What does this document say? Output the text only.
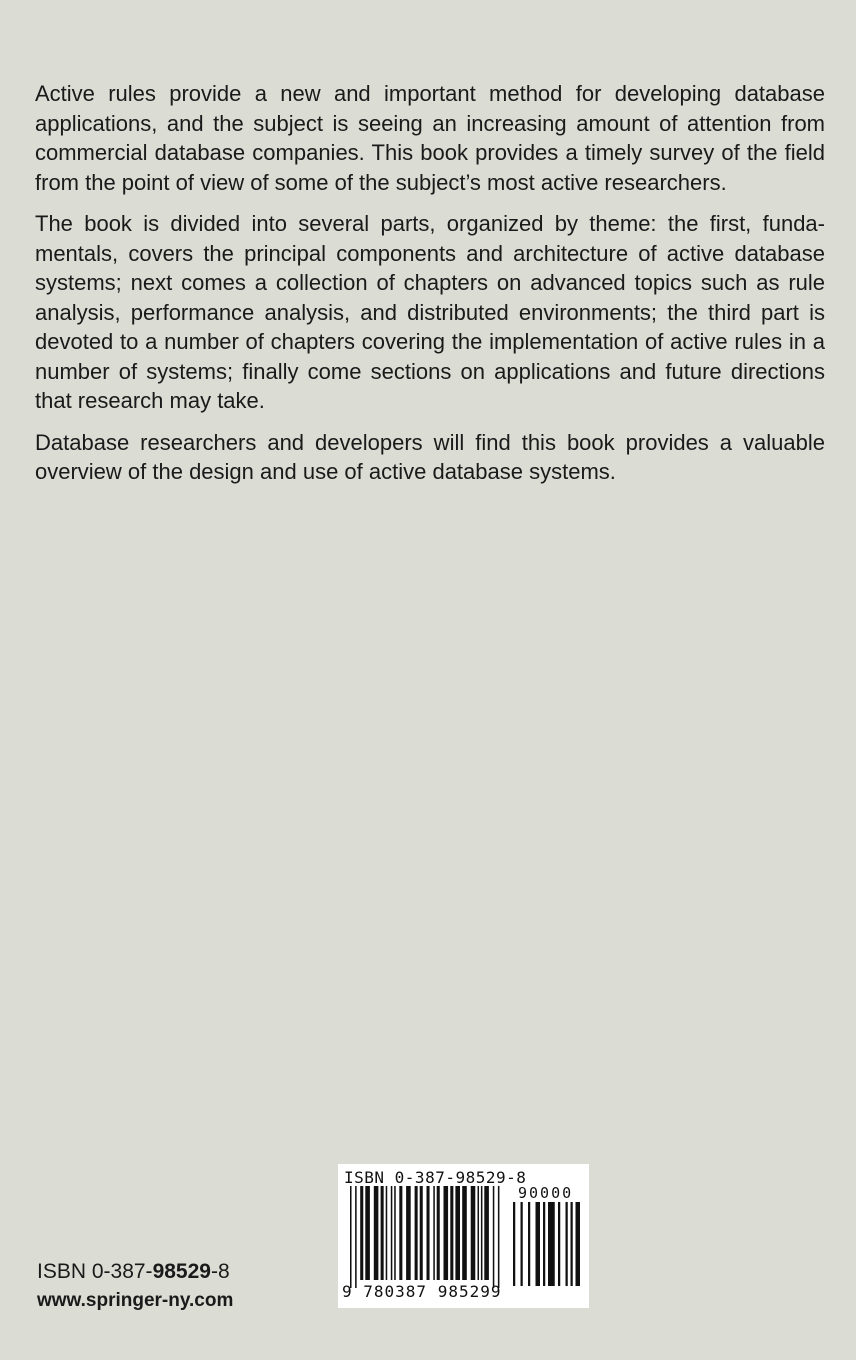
Active rules provide a new and important method for developing database applications, and the subject is seeing an increasing amount of attention from commercial database companies. This book provides a timely survey of the field from the point of view of some of the subject’s most active researchers.

The book is divided into several parts, organized by theme: the first, fundamentals, covers the principal components and architecture of active database systems; next comes a collection of chapters on advanced topics such as rule analysis, performance analysis, and distributed environments; the third part is devoted to a number of chapters covering the implementation of active rules in a number of systems; finally come sections on applications and future directions that research may take.

Database researchers and developers will find this book provides a valuable overview of the design and use of active database systems.

ISBN 0-387-98529-8
www.springer-ny.com
ISBN 0-387-98529-8
90000
9 780387 985299
